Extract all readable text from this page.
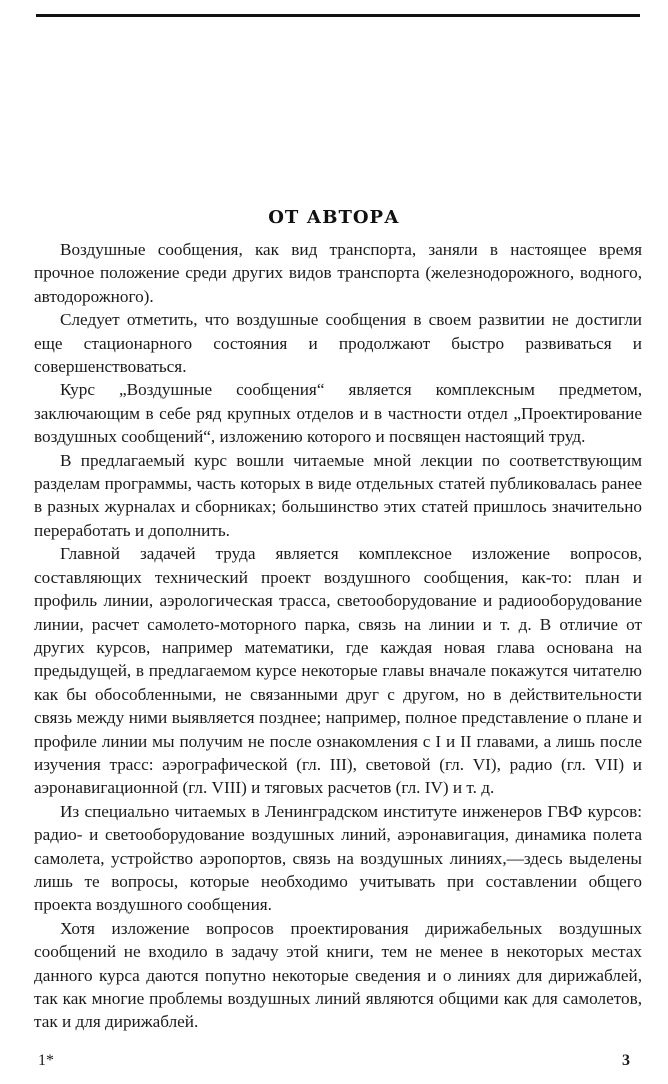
ОТ АВТОРА

Воздушные сообщения, как вид транспорта, заняли в настоящее время прочное положение среди других видов транспорта (железнодорожного, водного, автодорожного).

Следует отметить, что воздушные сообщения в своем развитии не достигли еще стационарного состояния и продолжают быстро развиваться и совершенствоваться.

Курс „Воздушные сообщения“ является комплексным предметом, заключающим в себе ряд крупных отделов и в частности отдел „Проектирование воздушных сообщений“, изложению которого и посвящен настоящий труд.

В предлагаемый курс вошли читаемые мной лекции по соответствующим разделам программы, часть которых в виде отдельных статей публиковалась ранее в разных журналах и сборниках; большинство этих статей пришлось значительно переработать и дополнить.

Главной задачей труда является комплексное изложение вопросов, составляющих технический проект воздушного сообщения, как-то: план и профиль линии, аэрологическая трасса, светооборудование и радиооборудование линии, расчет самолето-моторного парка, связь на линии и т. д. В отличие от других курсов, например математики, где каждая новая глава основана на предыдущей, в предлагаемом курсе некоторые главы вначале покажутся читателю как бы обособленными, не связанными друг с другом, но в действительности связь между ними выявляется позднее; например, полное представление о плане и профиле линии мы получим не после ознакомления с I и II главами, а лишь после изучения трасс: аэрографической (гл. III), световой (гл. VI), радио (гл. VII) и аэронавигационной (гл. VIII) и тяговых расчетов (гл. IV) и т. д.

Из специально читаемых в Ленинградском институте инженеров ГВФ курсов: радио- и светооборудование воздушных линий, аэронавигация, динамика полета самолета, устройство аэропортов, связь на воздушных линиях,—здесь выделены лишь те вопросы, которые необходимо учитывать при составлении общего проекта воздушного сообщения.

Хотя изложение вопросов проектирования дирижабельных воздушных сообщений не входило в задачу этой книги, тем не менее в некоторых местах данного курса даются попутно некоторые сведения и о линиях для дирижаблей, так как многие проблемы воздушных линий являются общими как для самолетов, так и для дирижаблей.

1*	3
